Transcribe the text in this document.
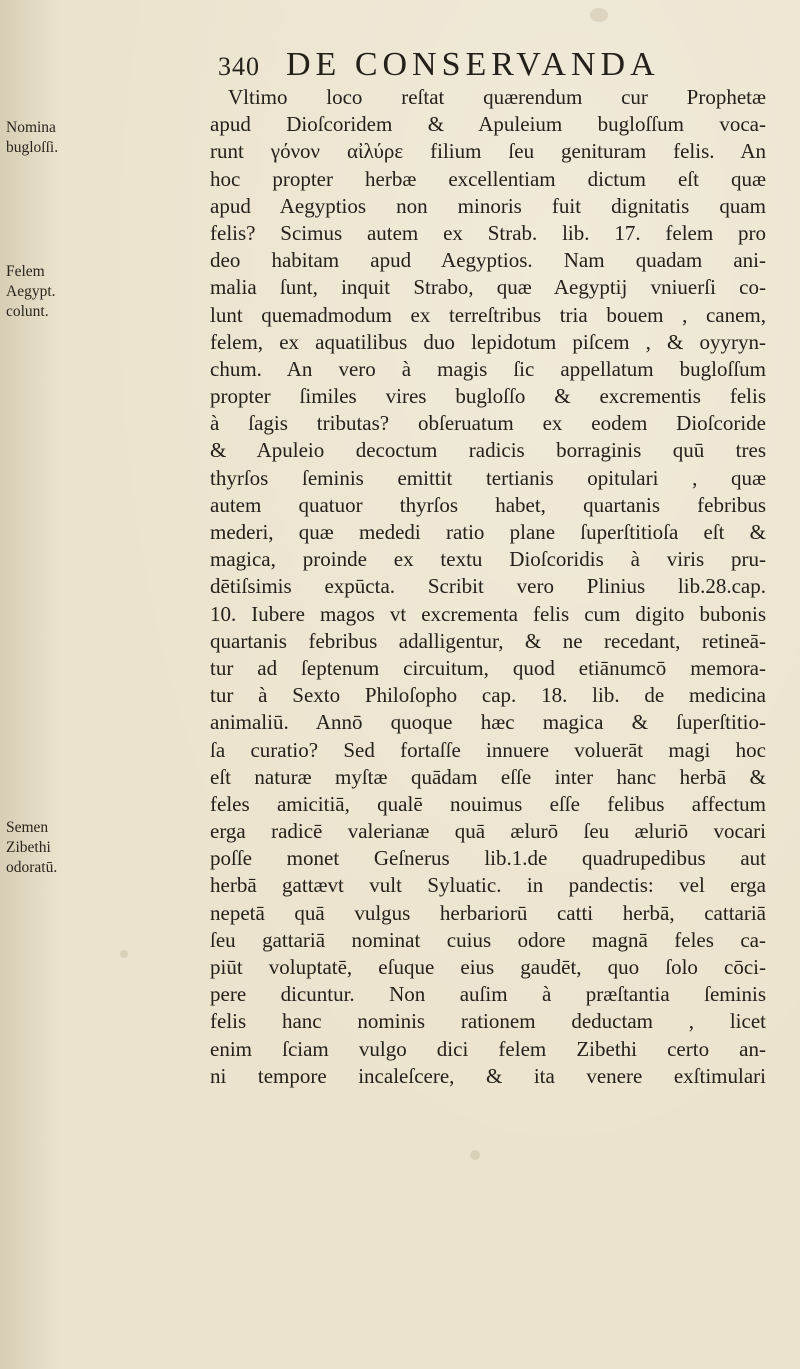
340 DE CONSERVANDA
Nomina
bugloſſi.
Felem
Aegypt.
colunt.
Semen
Zibethi
odoratū.
Vltimo loco reſtat quærendum cur Prophetæ
apud Dioſcoridem & Apuleium bugloſſum voca-
runt γόνον αἰλύρε filium ſeu genituram felis. An
hoc propter herbæ excellentiam dictum eſt quæ
apud Aegyptios non minoris fuit dignitatis quam
felis? Scimus autem ex Strab. lib. 17. felem pro
deo habitam apud Aegyptios. Nam quadam ani-
malia ſunt, inquit Strabo, quæ Aegyptij vniuerſi co-
lunt quemadmodum ex terreſtribus tria bouem , canem,
felem, ex aquatilibus duo lepidotum piſcem , & oyyryn-
chum. An vero à magis ſic appellatum bugloſſum
propter ſimiles vires bugloſſo & excrementis felis
à ſagis tributas? obſeruatum ex eodem Dioſcoride
& Apuleio decoctum radicis borraginis quū tres
thyrſos ſeminis emittit tertianis opitulari , quæ
autem quatuor thyrſos habet, quartanis febribus
mederi, quæ mededi ratio plane ſuperſtitioſa eſt &
magica, proinde ex textu Dioſcoridis à viris pru-
dētiſsimis expūcta. Scribit vero Plinius lib.28.cap.
10. Iubere magos vt excrementa felis cum digito bubonis
quartanis febribus adalligentur, & ne recedant, retineā-
tur ad ſeptenum circuitum, quod etiānumcō memora-
tur à Sexto Philoſopho cap. 18. lib. de medicina
animaliū. Annō quoque hæc magica & ſuperſtitio-
ſa curatio? Sed fortaſſe innuere voluerāt magi hoc
eſt naturæ myſtæ quādam eſſe inter hanc herbā &
feles amicitiā, qualē nouimus eſſe felibus affectum
erga radicē valerianæ quā ælurō ſeu æluriō vocari
poſſe monet Geſnerus lib.1.de quadrupedibus aut
herbā gattævt vult Syluatic. in pandectis: vel erga
nepetā quā vulgus herbariorū catti herbā, cattariā
ſeu gattariā nominat cuius odore magnā feles ca-
piūt voluptatē, eſuque eius gaudēt, quo ſolo cōci-
pere dicuntur. Non auſim à præſtantia ſeminis
felis hanc nominis rationem deductam , licet
enim ſciam vulgo dici felem Zibethi certo an-
ni tempore incaleſcere, & ita venere exſtimulari
